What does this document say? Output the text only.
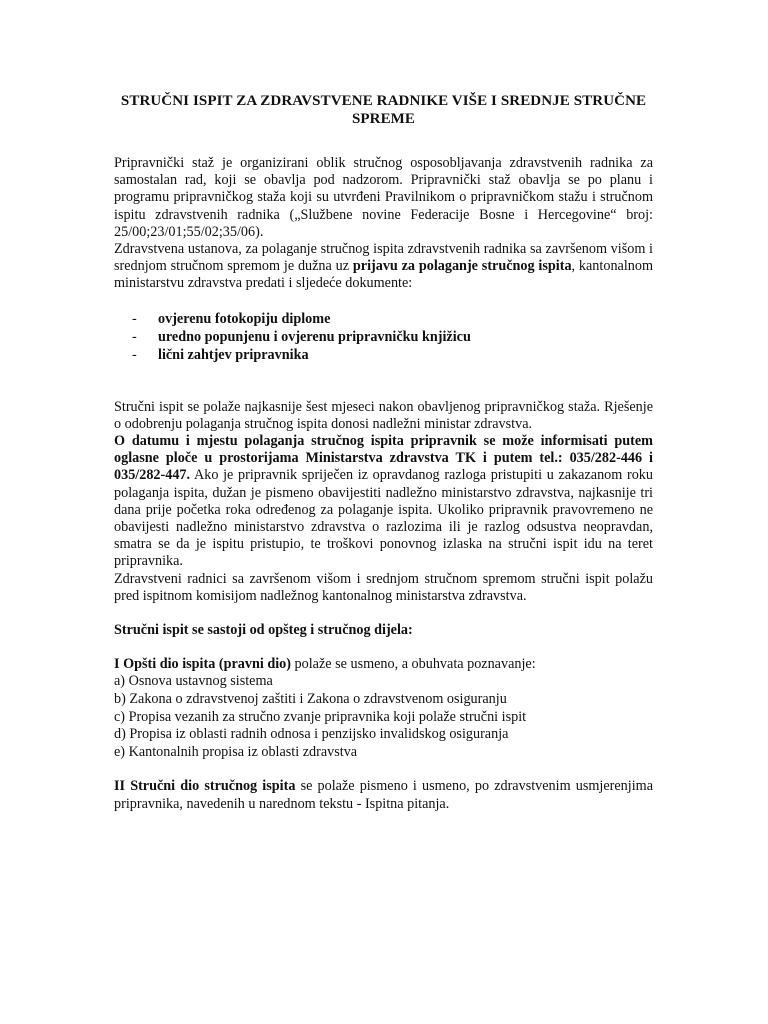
STRUČNI ISPIT ZA ZDRAVSTVENE RADNIKE VIŠE I SREDNJE STRUČNE SPREME

Pripravnički staž je organizirani oblik stručnog osposobljavanja zdravstvenih radnika za samostalan rad, koji se obavlja pod nadzorom. Pripravnički staž obavlja se po planu i programu pripravničkog staža koji su utvrđeni Pravilnikom o pripravničkom stažu i stručnom ispitu zdravstvenih radnika („Službene novine Federacije Bosne i Hercegovine“ broj: 25/00;23/01;55/02;35/06).

Zdravstvena ustanova, za polaganje stručnog ispita zdravstvenih radnika sa završenom višom i srednjom stručnom spremom je dužna uz prijavu za polaganje stručnog ispita, kantonalnom ministarstvu zdravstva predati i sljedeće dokumente:

- ovjerenu fotokopiju diplome
- uredno popunjenu i ovjerenu pripravničku knjižicu
- lični zahtjev pripravnika

Stručni ispit se polaže najkasnije šest mjeseci nakon obavljenog pripravničkog staža. Rješenje o odobrenju polaganja stručnog ispita donosi nadležni ministar zdravstva.

O datumu i mjestu polaganja stručnog ispita pripravnik se može informisati putem oglasne ploče u prostorijama Ministarstva zdravstva TK i putem tel.: 035/282-446 i 035/282-447. Ako je pripravnik spriječen iz opravdanog razloga pristupiti u zakazanom roku polaganja ispita, dužan je pismeno obavijestiti nadležno ministarstvo zdravstva, najkasnije tri dana prije početka roka određenog za polaganje ispita. Ukoliko pripravnik pravovremeno ne obavijesti nadležno ministarstvo zdravstva o razlozima ili je razlog odsustva neopravdan, smatra se da je ispitu pristupio, te troškovi ponovnog izlaska na stručni ispit idu na teret pripravnika.

Zdravstveni radnici sa završenom višom i srednjom stručnom spremom stručni ispit polažu pred ispitnom komisijom nadležnog kantonalnog ministarstva zdravstva.

Stručni ispit se sastoji od opšteg i stručnog dijela:

I Opšti dio ispita (pravni dio) polaže se usmeno, a obuhvata poznavanje:

a) Osnova ustavnog sistema

b) Zakona o zdravstvenoj zaštiti i Zakona o zdravstvenom osiguranju

c) Propisa vezanih za stručno zvanje pripravnika koji polaže stručni ispit

d) Propisa iz oblasti radnih odnosa i penzijsko invalidskog osiguranja

e) Kantonalnih propisa iz oblasti zdravstva

II Stručni dio stručnog ispita se polaže pismeno i usmeno, po zdravstvenim usmjerenjima pripravnika, navedenih u narednom tekstu - Ispitna pitanja.
